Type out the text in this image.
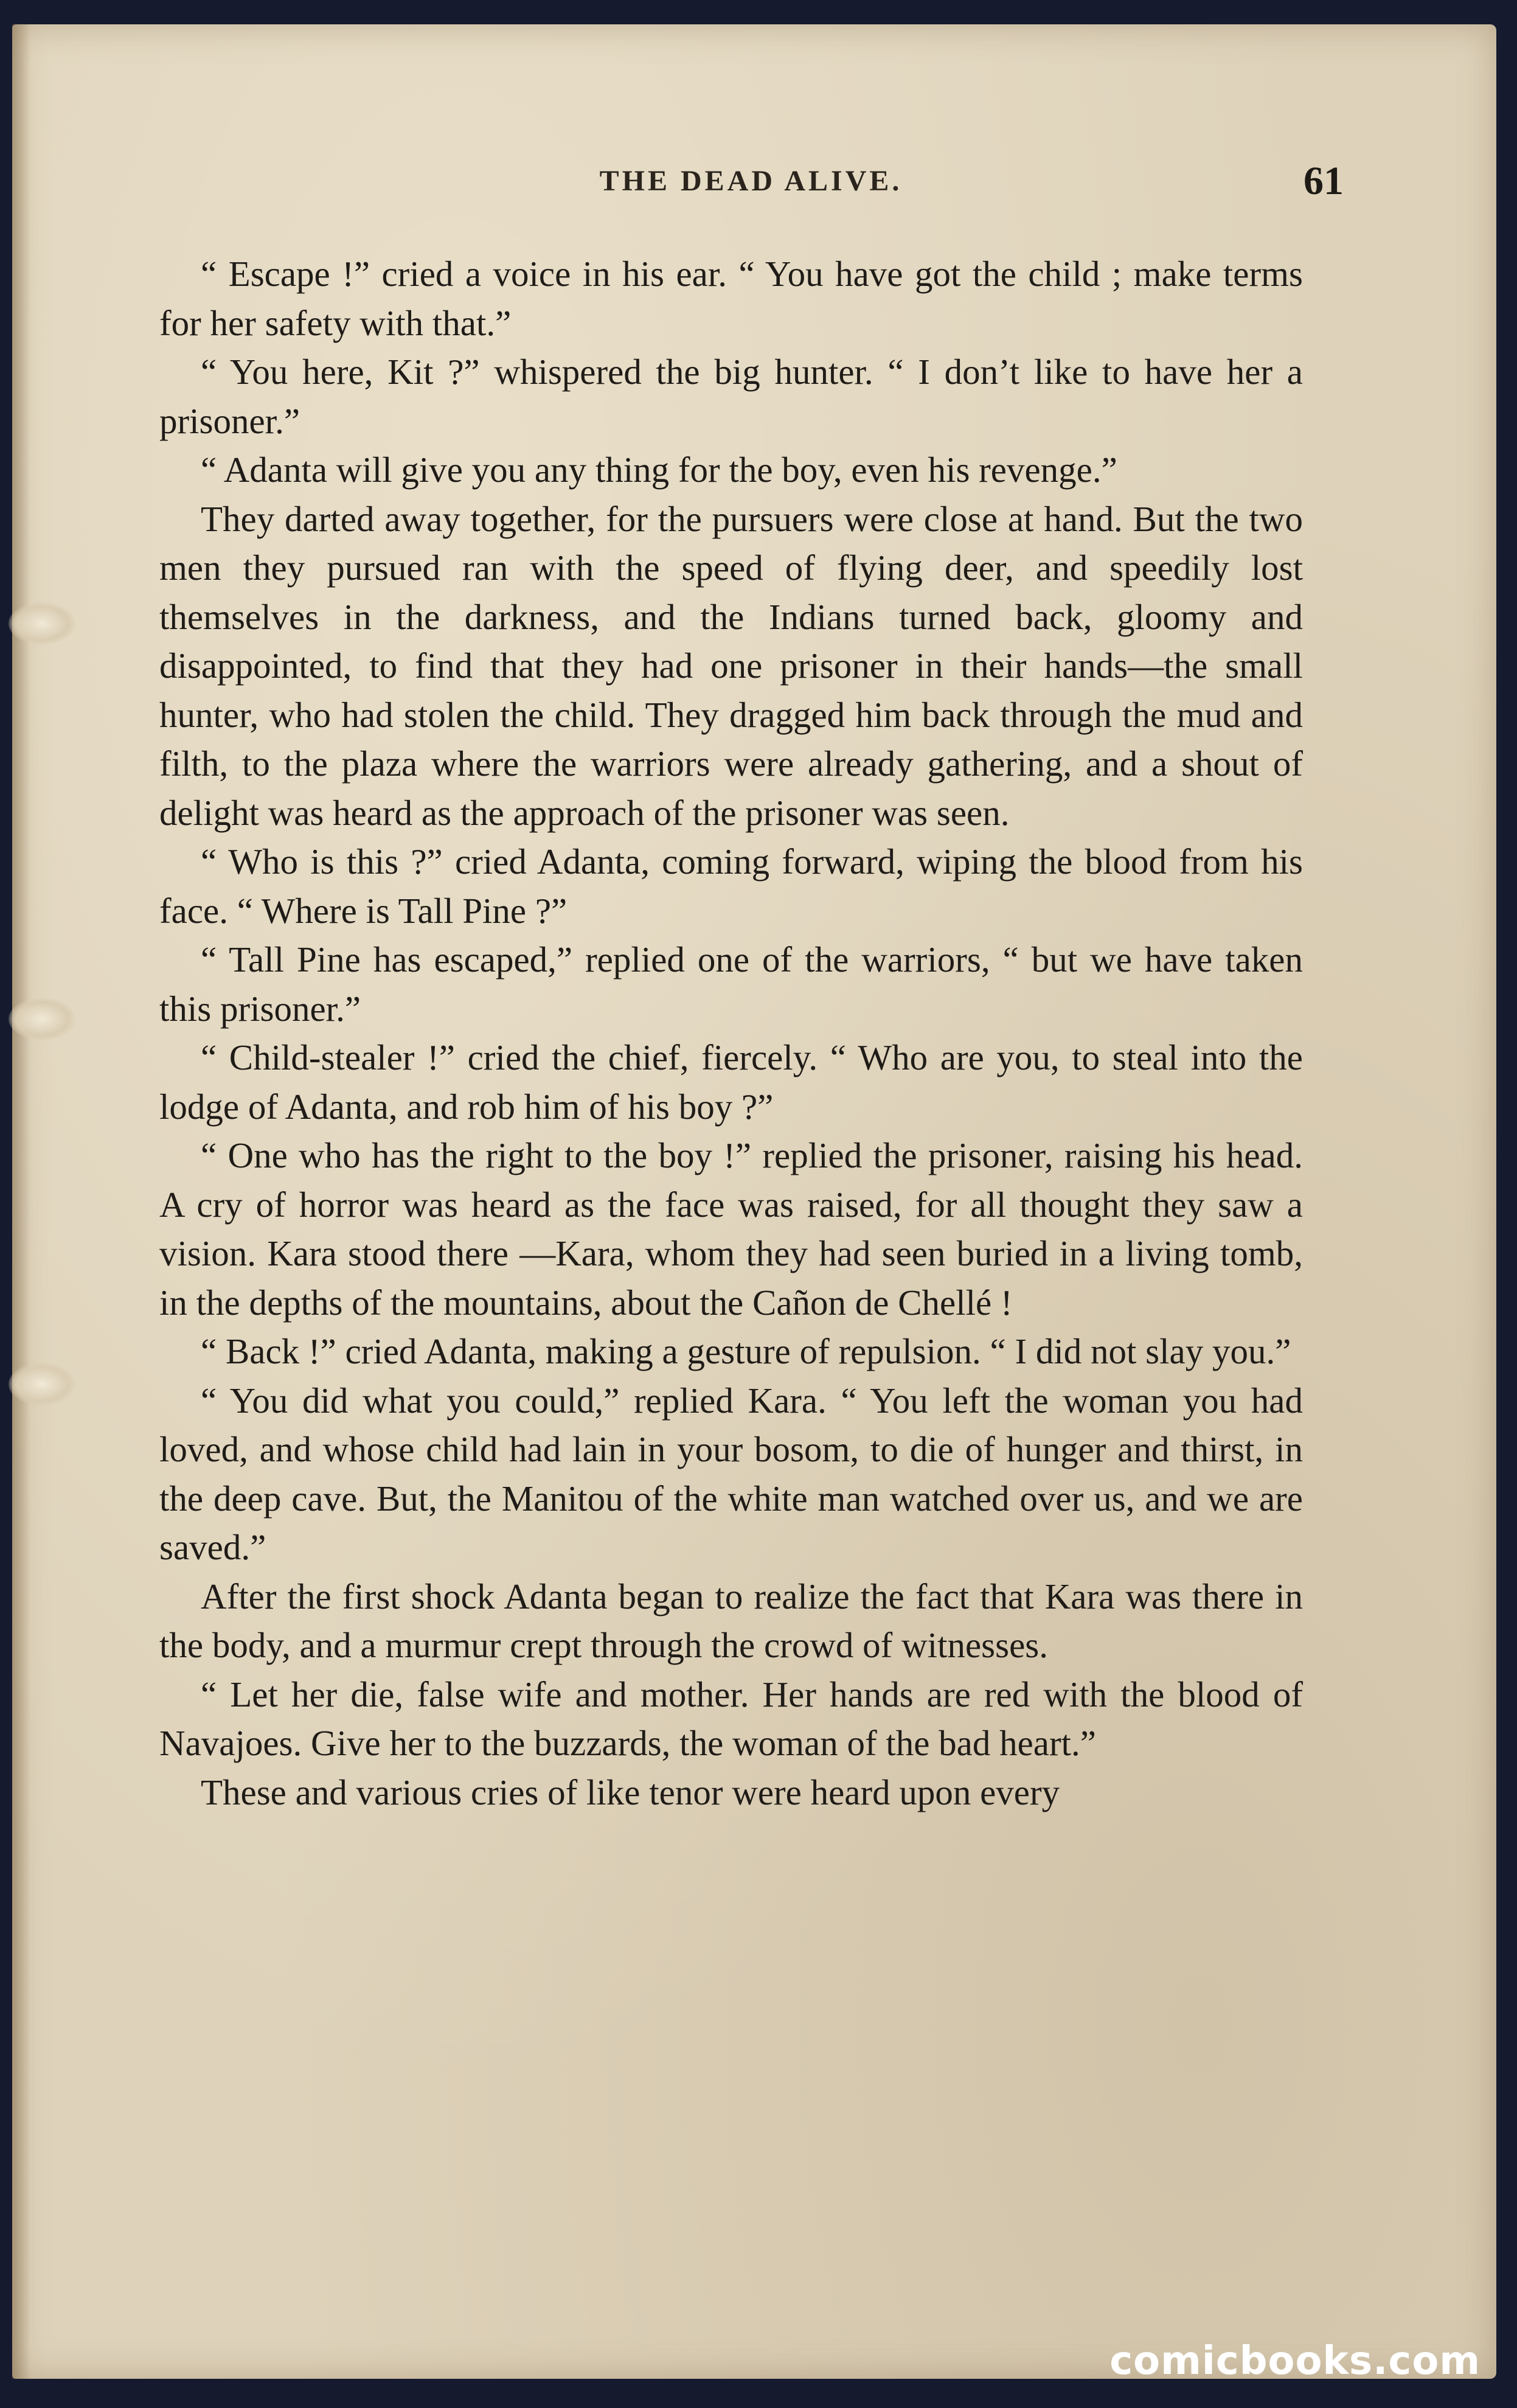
THE DEAD ALIVE.	61

“ Escape !” cried a voice in his ear. “ You have got the child ; make terms for her safety with that.”

“ You here, Kit ?” whispered the big hunter. “ I don’t like to have her a prisoner.”

“ Adanta will give you any thing for the boy, even his revenge.”

They darted away together, for the pursuers were close at hand. But the two men they pursued ran with the speed of flying deer, and speedily lost themselves in the darkness, and the Indians turned back, gloomy and disappointed, to find that they had one prisoner in their hands—the small hunter, who had stolen the child. They dragged him back through the mud and filth, to the plaza where the warriors were already gathering, and a shout of delight was heard as the approach of the prisoner was seen.

“ Who is this ?” cried Adanta, coming forward, wiping the blood from his face. “ Where is Tall Pine ?”

“ Tall Pine has escaped,” replied one of the warriors, “ but we have taken this prisoner.”

“ Child-stealer !” cried the chief, fiercely. “ Who are you, to steal into the lodge of Adanta, and rob him of his boy ?”

“ One who has the right to the boy !” replied the prisoner, raising his head. A cry of horror was heard as the face was raised, for all thought they saw a vision. Kara stood there —Kara, whom they had seen buried in a living tomb, in the depths of the mountains, about the Cañon de Chellé !

“ Back !” cried Adanta, making a gesture of repulsion. “ I did not slay you.”

“ You did what you could,” replied Kara. “ You left the woman you had loved, and whose child had lain in your bosom, to die of hunger and thirst, in the deep cave. But, the Manitou of the white man watched over us, and we are saved.”

After the first shock Adanta began to realize the fact that Kara was there in the body, and a murmur crept through the crowd of witnesses.

“ Let her die, false wife and mother. Her hands are red with the blood of Navajoes. Give her to the buzzards, the woman of the bad heart.”

These and various cries of like tenor were heard upon every

comicbooks.com
